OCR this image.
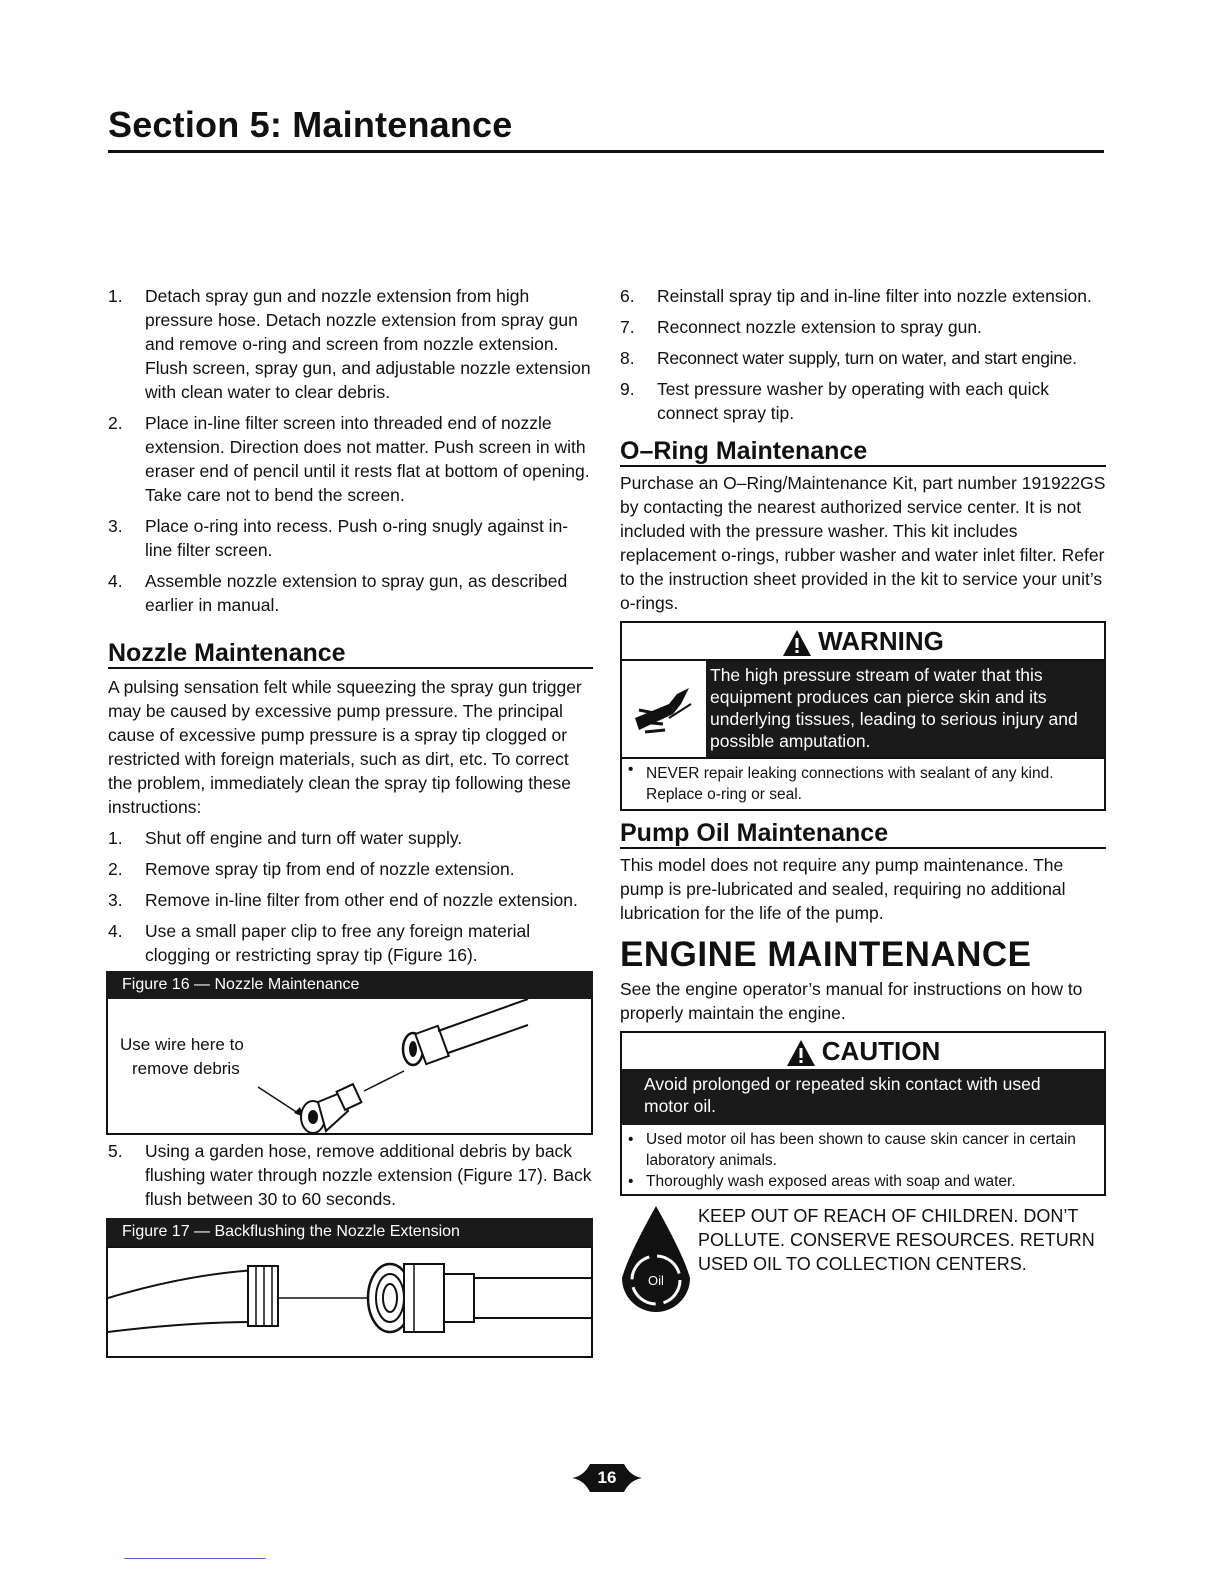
Section 5: Maintenance
1. Detach spray gun and nozzle extension from high pressure hose. Detach nozzle extension from spray gun and remove o-ring and screen from nozzle extension. Flush screen, spray gun, and adjustable nozzle extension with clean water to clear debris.
2. Place in-line filter screen into threaded end of nozzle extension. Direction does not matter. Push screen in with eraser end of pencil until it rests flat at bottom of opening. Take care not to bend the screen.
3. Place o-ring into recess. Push o-ring snugly against in-line filter screen.
4. Assemble nozzle extension to spray gun, as described earlier in manual.
Nozzle Maintenance

A pulsing sensation felt while squeezing the spray gun trigger may be caused by excessive pump pressure. The principal cause of excessive pump pressure is a spray tip clogged or restricted with foreign materials, such as dirt, etc. To correct the problem, immediately clean the spray tip following these instructions:

1. Shut off engine and turn off water supply.
2. Remove spray tip from end of nozzle extension.
3. Remove in-line filter from other end of nozzle extension.
4. Use a small paper clip to free any foreign material clogging or restricting spray tip (Figure 16).
Figure 16 — Nozzle Maintenance
Use wire here to
remove debris
5. Using a garden hose, remove additional debris by back flushing water through nozzle extension (Figure 17). Back flush between 30 to 60 seconds.
Figure 17 — Backflushing the Nozzle Extension
6. Reinstall spray tip and in-line filter into nozzle extension.
7. Reconnect nozzle extension to spray gun.
8. Reconnect water supply, turn on water, and start engine.
9. Test pressure washer by operating with each quick connect spray tip.
O–Ring Maintenance

Purchase an O–Ring/Maintenance Kit, part number 191922GS by contacting the nearest authorized service center. It is not included with the pressure washer. This kit includes replacement o-rings, rubber washer and water inlet filter. Refer to the instruction sheet provided in the kit to service your unit’s o-rings.

WARNING
The high pressure stream of water that this equipment produces can pierce skin and its underlying tissues, leading to serious injury and possible amputation.
• NEVER repair leaking connections with sealant of any kind. Replace o-ring or seal.
Pump Oil Maintenance

This model does not require any pump maintenance. The pump is pre-lubricated and sealed, requiring no additional lubrication for the life of the pump.

ENGINE MAINTENANCE

See the engine operator’s manual for instructions on how to properly maintain the engine.

CAUTION
Avoid prolonged or repeated skin contact with used motor oil.
• Used motor oil has been shown to cause skin cancer in certain laboratory animals.
• Thoroughly wash exposed areas with soap and water.
Oil
KEEP OUT OF REACH OF CHILDREN. DON’T POLLUTE. CONSERVE RESOURCES. RETURN USED OIL TO COLLECTION CENTERS.
16
